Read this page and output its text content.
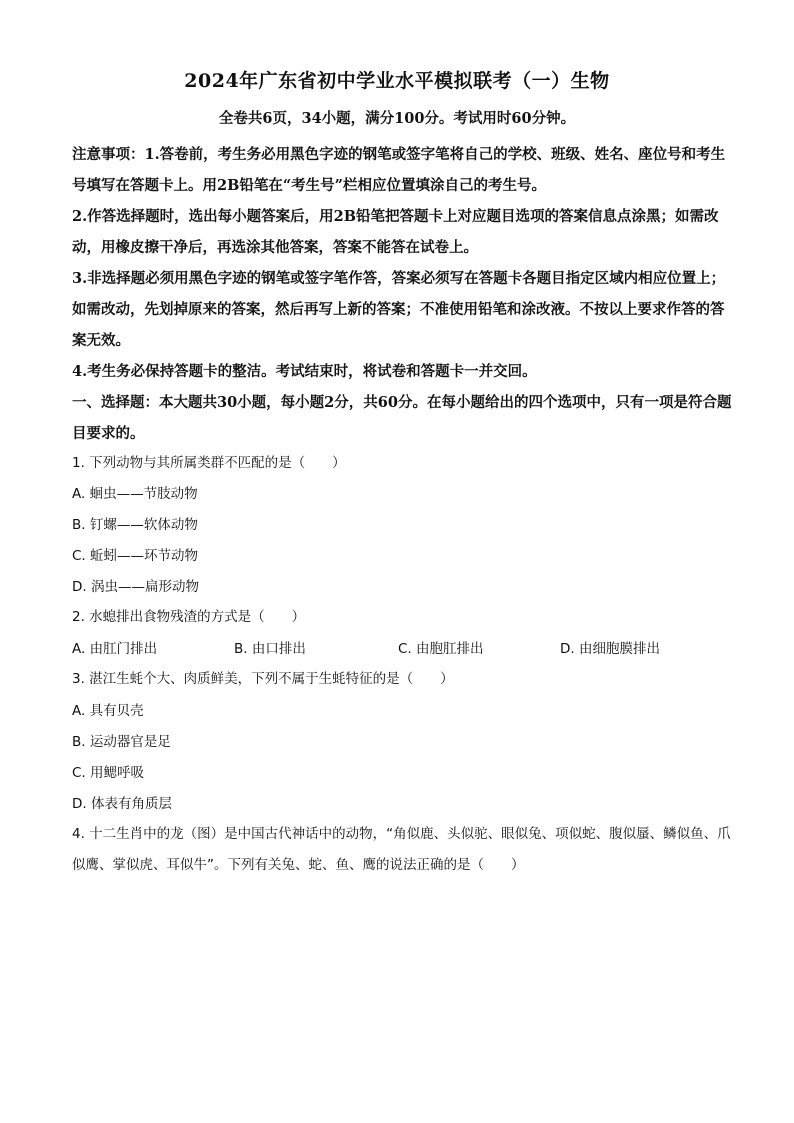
2024年广东省初中学业水平模拟联考（一）生物
全卷共6页，34小题，满分100分。考试用时60分钟。

注意事项：1.答卷前，考生务必用黑色字迹的钢笔或签字笔将自己的学校、班级、姓名、座位号和考生号填写在答题卡上。用2B铅笔在“考生号”栏相应位置填涂自己的考生号。

2.作答选择题时，选出每小题答案后，用2B铅笔把答题卡上对应题目选项的答案信息点涂黑；如需改动，用橡皮擦干净后，再选涂其他答案，答案不能答在试卷上。

3.非选择题必须用黑色字迹的钢笔或签字笔作答，答案必须写在答题卡各题目指定区域内相应位置上；如需改动，先划掉原来的答案，然后再写上新的答案；不准使用铅笔和涂改液。不按以上要求作答的答案无效。

4.考生务必保持答题卡的整洁。考试结束时，将试卷和答题卡一并交回。

一、选择题：本大题共30小题，每小题2分，共60分。在每小题给出的四个选项中，只有一项是符合题目要求的。

1. 下列动物与其所属类群不匹配的是（　　）
A. 蛔虫——节肢动物
B. 钉螺——软体动物
C. 蚯蚓——环节动物
D. 涡虫——扁形动物
2. 水螅排出食物残渣的方式是（　　）
A. 由肛门排出	B. 由口排出	C. 由胞肛排出	D. 由细胞膜排出
3. 湛江生蚝个大、肉质鲜美，下列不属于生蚝特征的是（　　）
A. 具有贝壳
B. 运动器官是足
C. 用鳃呼吸
D. 体表有角质层
4. 十二生肖中的龙（图）是中国古代神话中的动物，“角似鹿、头似驼、眼似兔、项似蛇、腹似蜃、鳞似鱼、爪似鹰、掌似虎、耳似牛”。下列有关兔、蛇、鱼、鹰的说法正确的是（　　）
